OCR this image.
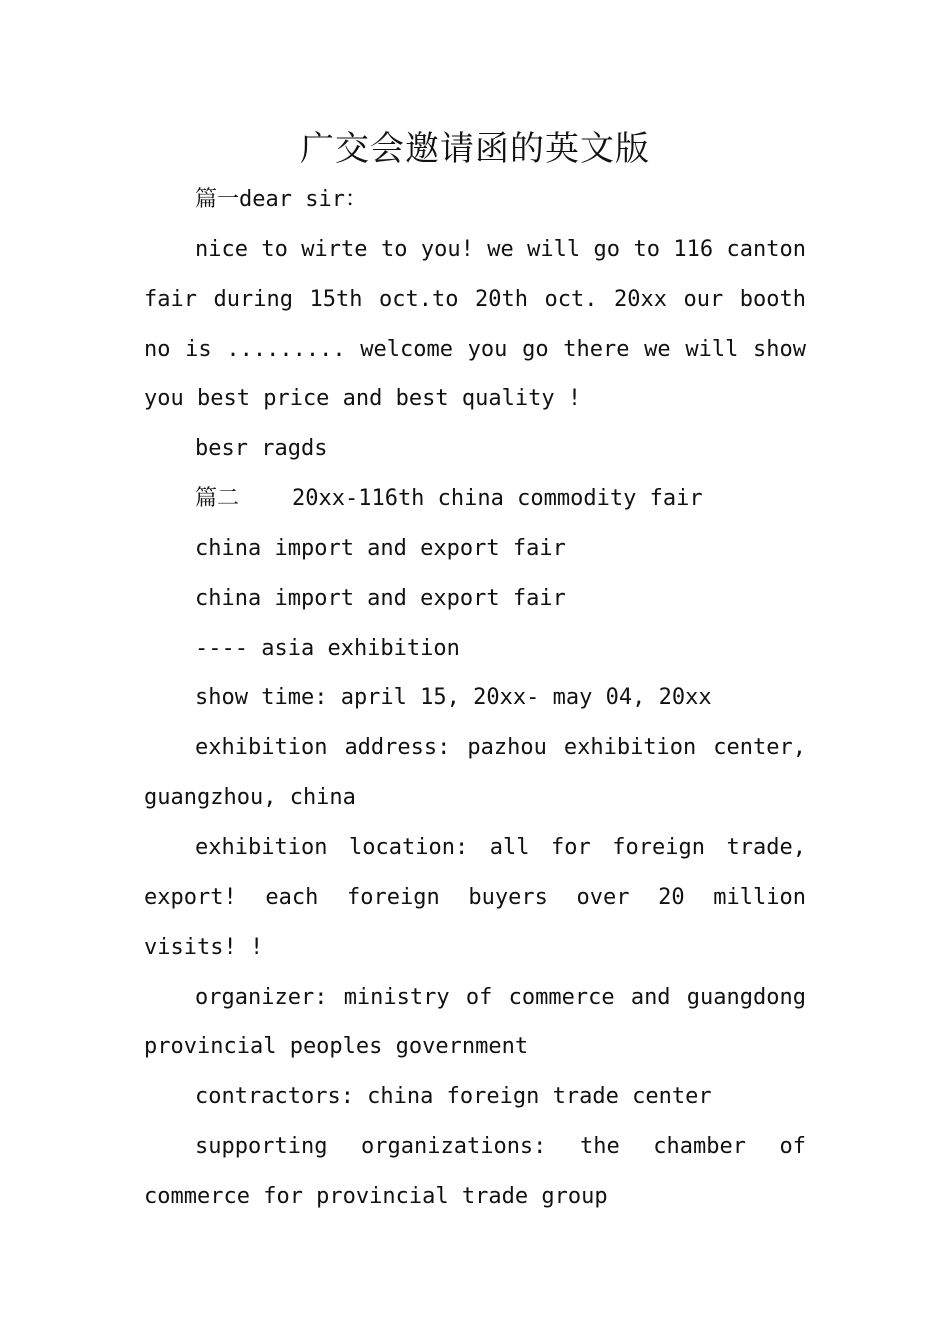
广交会邀请函的英文版

篇一dear sir：

nice to wirte to you! we will go to 116 canton fair during 15th oct.to 20th oct. 20xx our booth no is ......... welcome you go there we will show you best price and best quality !

besr ragds

篇二    20xx-116th china commodity fair

china import and export fair

china import and export fair

---- asia exhibition

show time: april 15, 20xx- may 04, 20xx

exhibition address: pazhou exhibition center, guangzhou, china

exhibition location: all for foreign trade, export! each foreign buyers over 20 million visits! !

organizer: ministry of commerce and guangdong provincial peoples government

contractors: china foreign trade center

supporting organizations: the chamber of commerce for provincial trade group
